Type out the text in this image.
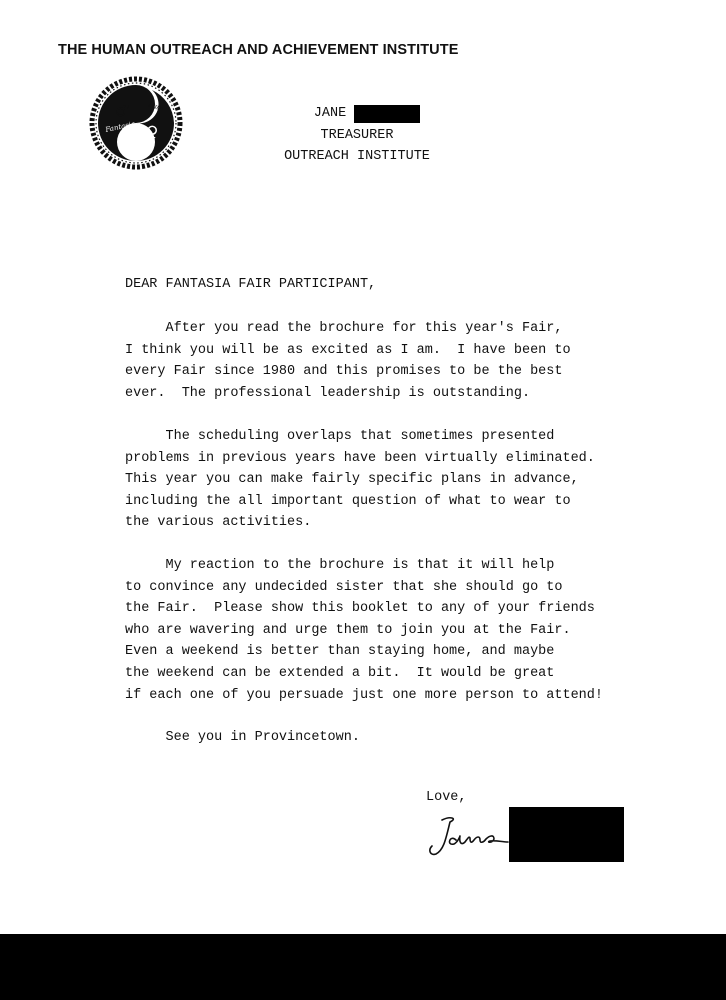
THE HUMAN OUTREACH AND ACHIEVEMENT INSTITUTE
♂
♀
Fantasia
Fair	JANE
TREASURER
OUTREACH INSTITUTE

DEAR FANTASIA FAIR PARTICIPANT,

After you read the brochure for this year's Fair,
I think you will be as excited as I am.  I have been to
every Fair since 1980 and this promises to be the best
ever.  The professional leadership is outstanding.

The scheduling overlaps that sometimes presented
problems in previous years have been virtually eliminated.
This year you can make fairly specific plans in advance,
including the all important question of what to wear to
the various activities.

My reaction to the brochure is that it will help
to convince any undecided sister that she should go to
the Fair.  Please show this booklet to any of your friends
who are wavering and urge them to join you at the Fair.
Even a weekend is better than staying home, and maybe
the weekend can be extended a bit.  It would be great
if each one of you persuade just one more person to attend!

See you in Provincetown.

Love,
